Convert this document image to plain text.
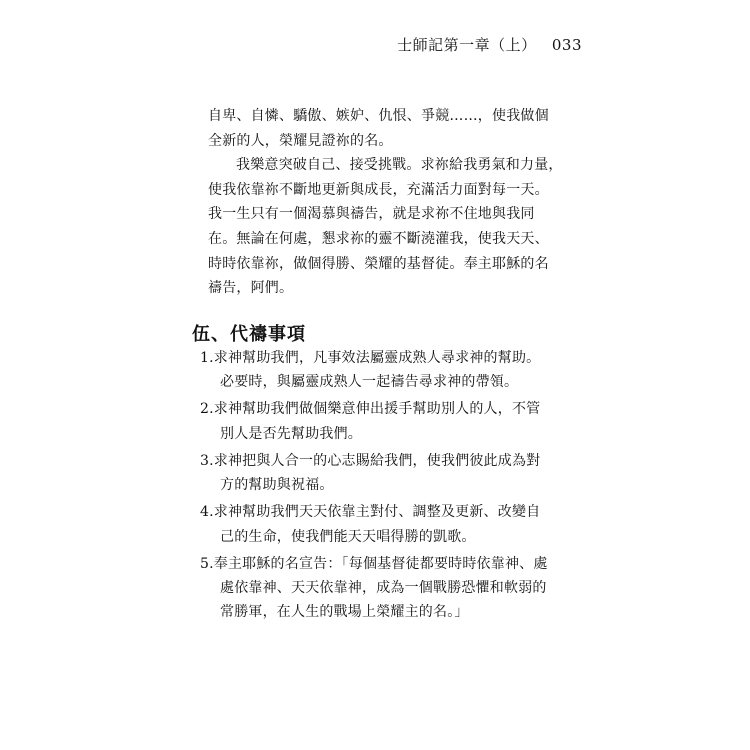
士師記第一章（上） 033
自卑、自憐、驕傲、嫉妒、仇恨、爭競……，使我做個
全新的人，榮耀見證祢的名。
我樂意突破自己、接受挑戰。求祢給我勇氣和力量，
使我依靠祢不斷地更新與成長，充滿活力面對每一天。
我一生只有一個渴慕與禱告，就是求祢不住地與我同
在。無論在何處，懇求祢的靈不斷澆灌我，使我天天、
時時依靠祢，做個得勝、榮耀的基督徒。奉主耶穌的名
禱告，阿們。
伍、代禱事項
1.求神幫助我們，凡事效法屬靈成熟人尋求神的幫助。
必要時，與屬靈成熟人一起禱告尋求神的帶領。
2.求神幫助我們做個樂意伸出援手幫助別人的人，不管
別人是否先幫助我們。
3.求神把與人合一的心志賜給我們，使我們彼此成為對
方的幫助與祝福。
4.求神幫助我們天天依靠主對付、調整及更新、改變自
己的生命，使我們能天天唱得勝的凱歌。
5.奉主耶穌的名宣告：「每個基督徒都要時時依靠神、處
處依靠神、天天依靠神，成為一個戰勝恐懼和軟弱的
常勝軍，在人生的戰場上榮耀主的名。」
